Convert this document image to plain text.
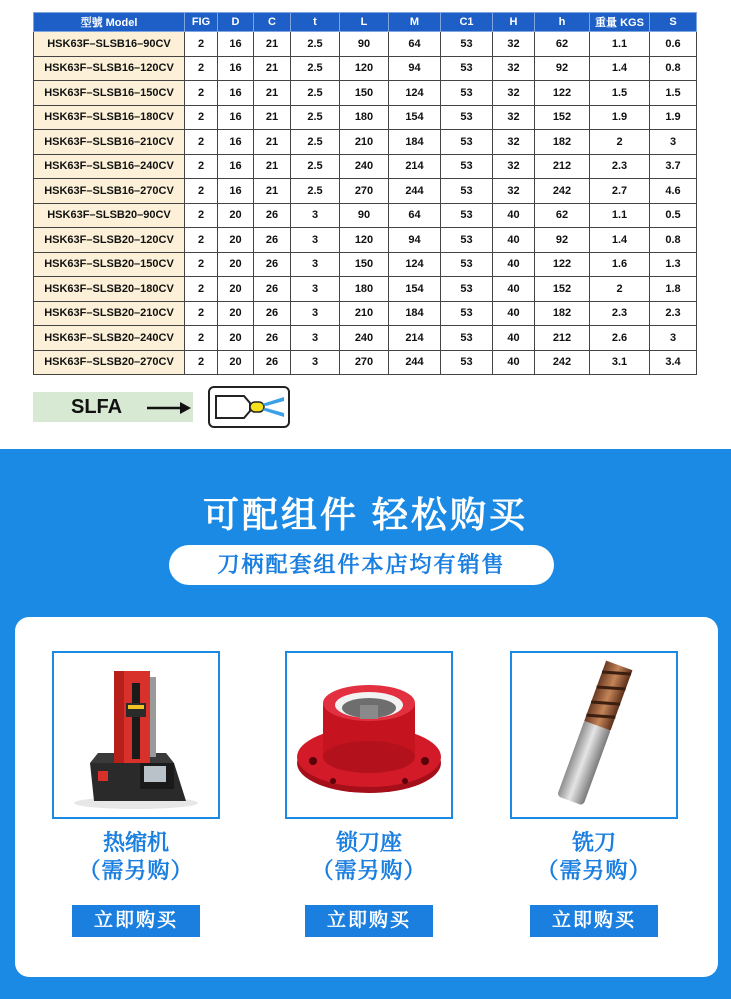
型號 Model	FIG	D	C	t	L	M	C1	H	h	重量 KGS	S
HSK63F–SLSB16–90CV	2	16	21	2.5	90	64	53	32	62	1.1	0.6
HSK63F–SLSB16–120CV	2	16	21	2.5	120	94	53	32	92	1.4	0.8
HSK63F–SLSB16–150CV	2	16	21	2.5	150	124	53	32	122	1.5	1.5
HSK63F–SLSB16–180CV	2	16	21	2.5	180	154	53	32	152	1.9	1.9
HSK63F–SLSB16–210CV	2	16	21	2.5	210	184	53	32	182	2	3
HSK63F–SLSB16–240CV	2	16	21	2.5	240	214	53	32	212	2.3	3.7
HSK63F–SLSB16–270CV	2	16	21	2.5	270	244	53	32	242	2.7	4.6
HSK63F–SLSB20–90CV	2	20	26	3	90	64	53	40	62	1.1	0.5
HSK63F–SLSB20–120CV	2	20	26	3	120	94	53	40	92	1.4	0.8
HSK63F–SLSB20–150CV	2	20	26	3	150	124	53	40	122	1.6	1.3
HSK63F–SLSB20–180CV	2	20	26	3	180	154	53	40	152	2	1.8
HSK63F–SLSB20–210CV	2	20	26	3	210	184	53	40	182	2.3	2.3
HSK63F–SLSB20–240CV	2	20	26	3	240	214	53	40	212	2.6	3
HSK63F–SLSB20–270CV	2	20	26	3	270	244	53	40	242	3.1	3.4
SLFA
可配组件 轻松购买
刀柄配套组件本店均有销售
热缩机
（需另购）
立即购买
锁刀座
（需另购）
立即购买
铣刀
（需另购）
立即购买
